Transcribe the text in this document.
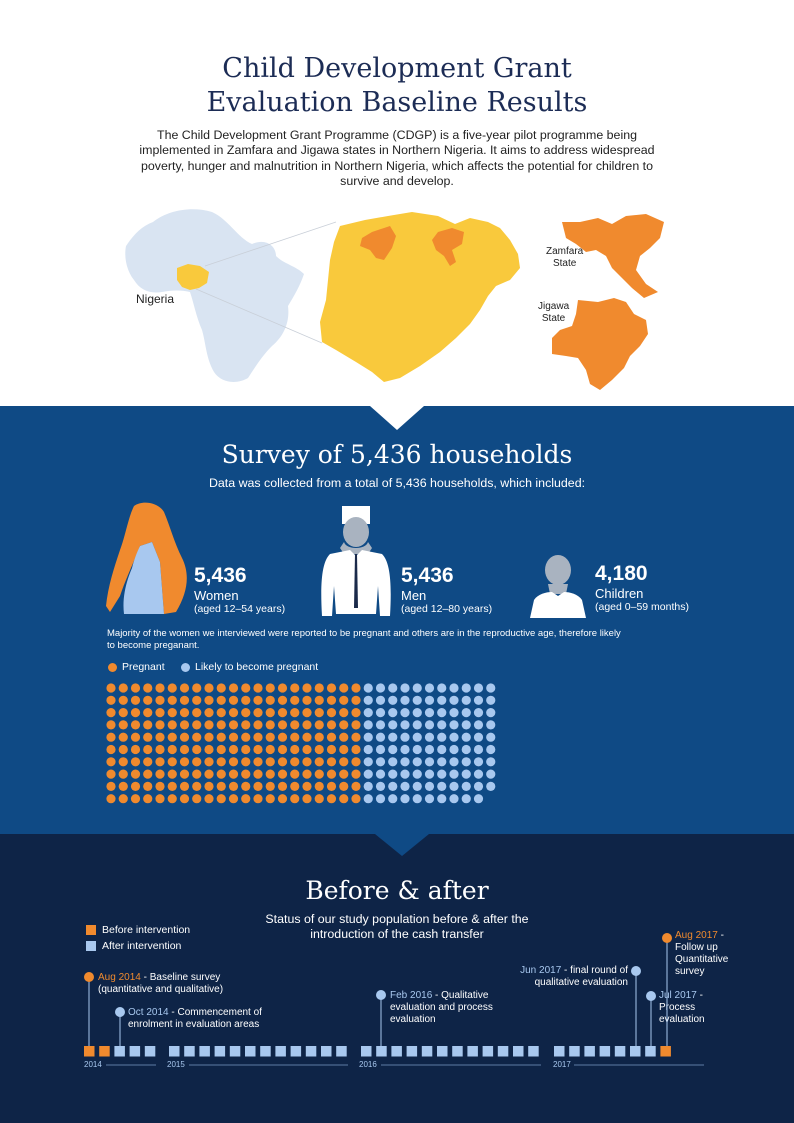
Child Development Grant
Evaluation Baseline Results
The Child Development Grant Programme (CDGP) is a five-year pilot programme being implemented in Zamfara and Jigawa states in Northern Nigeria. It aims to address widespread poverty, hunger and malnutrition in Northern Nigeria, which affects the potential for children to survive and develop.
Nigeria
Zamfara
State
Jigawa
State
Survey of 5,436 households
Data was collected from a total of 5,436 households, which included:
5,436
Women
(aged 12–54 years)
5,436
Men
(aged 12–80 years)
4,180
Children
(aged 0–59 months)
Majority of the women we interviewed were reported to be pregnant and others are in the reproductive age, therefore likely to become preganant.
Pregnant	Likely to become pregnant
Before & after
Status of our study population before & after the
introduction of the cash transfer
Before intervention
After intervention
Aug 2014 - Baseline survey
(quantitative and qualitative)
Oct 2014 - Commencement of
enrolment in evaluation areas
Feb 2016 - Qualitative
evaluation and process
evaluation
Jun 2017 - final round of
qualitative evaluation
Jul 2017 -
Process
evaluation
Aug 2017 -
Follow up
Quantitative
survey
2014	2015	2016	2017
